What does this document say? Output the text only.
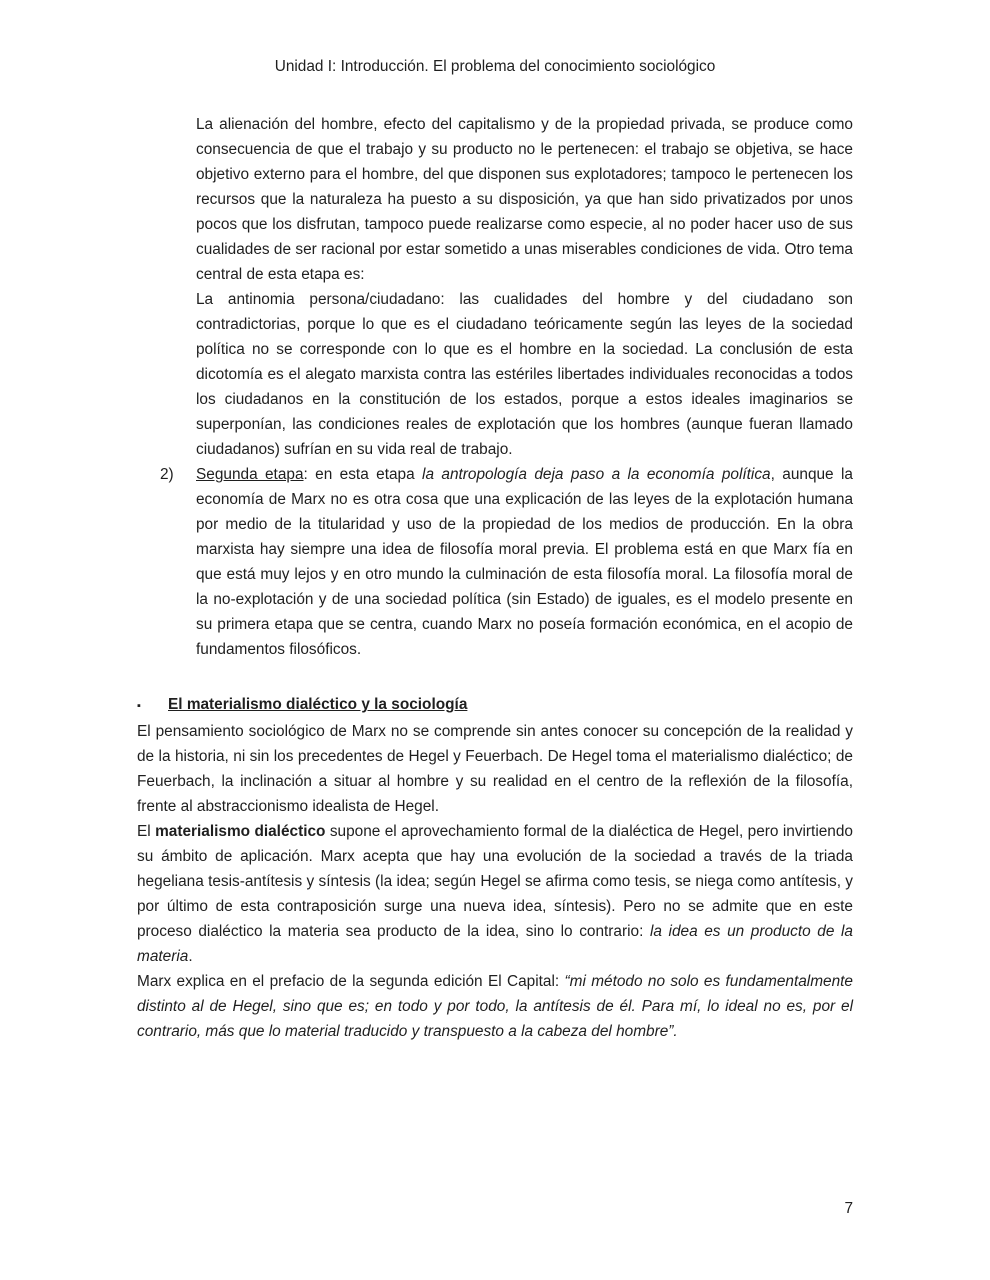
Unidad I: Introducción. El problema del conocimiento sociológico

La alienación del hombre, efecto del capitalismo y de la propiedad privada, se produce como consecuencia de que el trabajo y su producto no le pertenecen: el trabajo se objetiva, se hace objetivo externo para el hombre, del que disponen sus explotadores; tampoco le pertenecen los recursos que la naturaleza ha puesto a su disposición, ya que han sido privatizados por unos pocos que los disfrutan, tampoco puede realizarse como especie, al no poder hacer uso de sus cualidades de ser racional por estar sometido a unas miserables condiciones de vida. Otro tema central de esta etapa es:

La antinomia persona/ciudadano: las cualidades del hombre y del ciudadano son contradictorias, porque lo que es el ciudadano teóricamente según las leyes de la sociedad política no se corresponde con lo que es el hombre en la sociedad. La conclusión de esta dicotomía es el alegato marxista contra las estériles libertades individuales reconocidas a todos los ciudadanos en la constitución de los estados, porque a estos ideales imaginarios se superponían, las condiciones reales de explotación que los hombres (aunque fueran llamado ciudadanos) sufrían en su vida real de trabajo.

2) Segunda etapa: en esta etapa la antropología deja paso a la economía política, aunque la economía de Marx no es otra cosa que una explicación de las leyes de la explotación humana por medio de la titularidad y uso de la propiedad de los medios de producción. En la obra marxista hay siempre una idea de filosofía moral previa. El problema está en que Marx fía en que está muy lejos y en otro mundo la culminación de esta filosofía moral. La filosofía moral de la no-explotación y de una sociedad política (sin Estado) de iguales, es el modelo presente en su primera etapa que se centra, cuando Marx no poseía formación económica, en el acopio de fundamentos filosóficos.

▪	El materialismo dialéctico y la sociología

El pensamiento sociológico de Marx no se comprende sin antes conocer su concepción de la realidad y de la historia, ni sin los precedentes de Hegel y Feuerbach. De Hegel toma el materialismo dialéctico; de Feuerbach, la inclinación a situar al hombre y su realidad en el centro de la reflexión de la filosofía, frente al abstraccionismo idealista de Hegel.

El materialismo dialéctico supone el aprovechamiento formal de la dialéctica de Hegel, pero invirtiendo su ámbito de aplicación. Marx acepta que hay una evolución de la sociedad a través de la triada hegeliana tesis-antítesis y síntesis (la idea; según Hegel se afirma como tesis, se niega como antítesis, y por último de esta contraposición surge una nueva idea, síntesis). Pero no se admite que en este proceso dialéctico la materia sea producto de la idea, sino lo contrario: la idea es un producto de la materia.

Marx explica en el prefacio de la segunda edición El Capital: “mi método no solo es fundamentalmente distinto al de Hegel, sino que es; en todo y por todo, la antítesis de él. Para mí, lo ideal no es, por el contrario, más que lo material traducido y transpuesto a la cabeza del hombre”.

7
